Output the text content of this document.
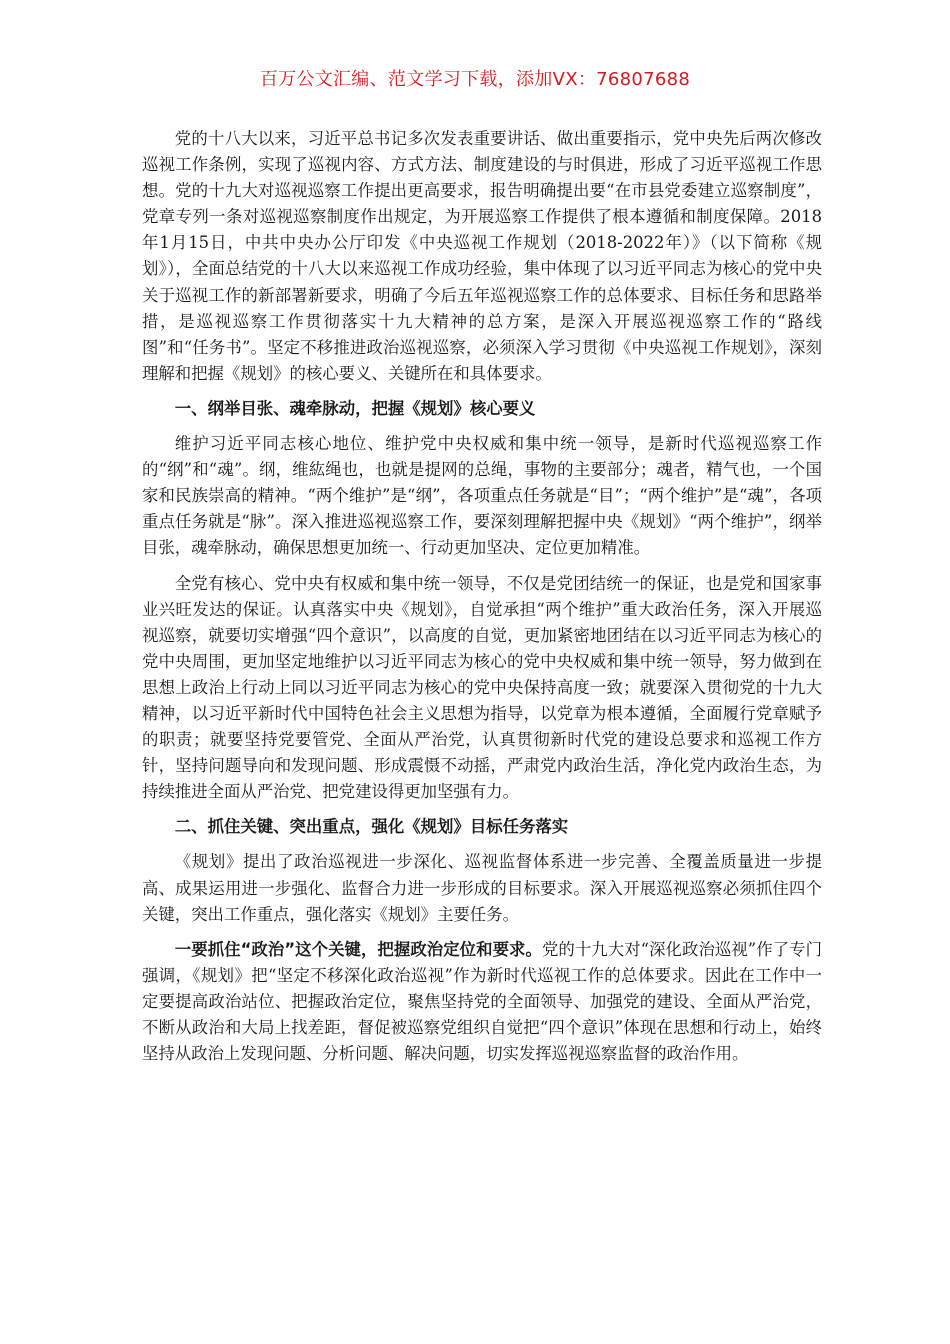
百万公文汇编、范文学习下载，添加VX：76807688

党的十八大以来，习近平总书记多次发表重要讲话、做出重要指示，党中央先后两次修改巡视工作条例，实现了巡视内容、方式方法、制度建设的与时俱进，形成了习近平巡视工作思想。党的十九大对巡视巡察工作提出更高要求，报告明确提出要“在市县党委建立巡察制度”，党章专列一条对巡视巡察制度作出规定，为开展巡察工作提供了根本遵循和制度保障。2018年1月15日，中共中央办公厅印发《中央巡视工作规划（2018-2022年）》（以下简称《规划》），全面总结党的十八大以来巡视工作成功经验，集中体现了以习近平同志为核心的党中央关于巡视工作的新部署新要求，明确了今后五年巡视巡察工作的总体要求、目标任务和思路举措，是巡视巡察工作贯彻落实十九大精神的总方案，是深入开展巡视巡察工作的“路线图”和“任务书”。坚定不移推进政治巡视巡察，必须深入学习贯彻《中央巡视工作规划》，深刻理解和把握《规划》的核心要义、关键所在和具体要求。

一、纲举目张、魂牵脉动，把握《规划》核心要义

维护习近平同志核心地位、维护党中央权威和集中统一领导，是新时代巡视巡察工作的“纲”和“魂”。纲，维紘绳也，也就是提网的总绳，事物的主要部分；魂者，精气也，一个国家和民族崇高的精神。“两个维护”是“纲”，各项重点任务就是“目”；“两个维护”是“魂”，各项重点任务就是“脉”。深入推进巡视巡察工作，要深刻理解把握中央《规划》“两个维护”，纲举目张，魂牵脉动，确保思想更加统一、行动更加坚决、定位更加精准。

全党有核心、党中央有权威和集中统一领导，不仅是党团结统一的保证，也是党和国家事业兴旺发达的保证。认真落实中央《规划》，自觉承担“两个维护”重大政治任务，深入开展巡视巡察，就要切实增强“四个意识”，以高度的自觉，更加紧密地团结在以习近平同志为核心的党中央周围，更加坚定地维护以习近平同志为核心的党中央权威和集中统一领导，努力做到在思想上政治上行动上同以习近平同志为核心的党中央保持高度一致；就要深入贯彻党的十九大精神，以习近平新时代中国特色社会主义思想为指导，以党章为根本遵循，全面履行党章赋予的职责；就要坚持党要管党、全面从严治党，认真贯彻新时代党的建设总要求和巡视工作方针，坚持问题导向和发现问题、形成震慑不动摇，严肃党内政治生活，净化党内政治生态，为持续推进全面从严治党、把党建设得更加坚强有力。

二、抓住关键、突出重点，强化《规划》目标任务落实

《规划》提出了政治巡视进一步深化、巡视监督体系进一步完善、全覆盖质量进一步提高、成果运用进一步强化、监督合力进一步形成的目标要求。深入开展巡视巡察必须抓住四个关键，突出工作重点，强化落实《规划》主要任务。

一要抓住“政治”这个关键，把握政治定位和要求。党的十九大对“深化政治巡视”作了专门强调，《规划》把“坚定不移深化政治巡视”作为新时代巡视工作的总体要求。因此在工作中一定要提高政治站位、把握政治定位，聚焦坚持党的全面领导、加强党的建设、全面从严治党，不断从政治和大局上找差距，督促被巡察党组织自觉把“四个意识”体现在思想和行动上，始终坚持从政治上发现问题、分析问题、解决问题，切实发挥巡视巡察监督的政治作用。
